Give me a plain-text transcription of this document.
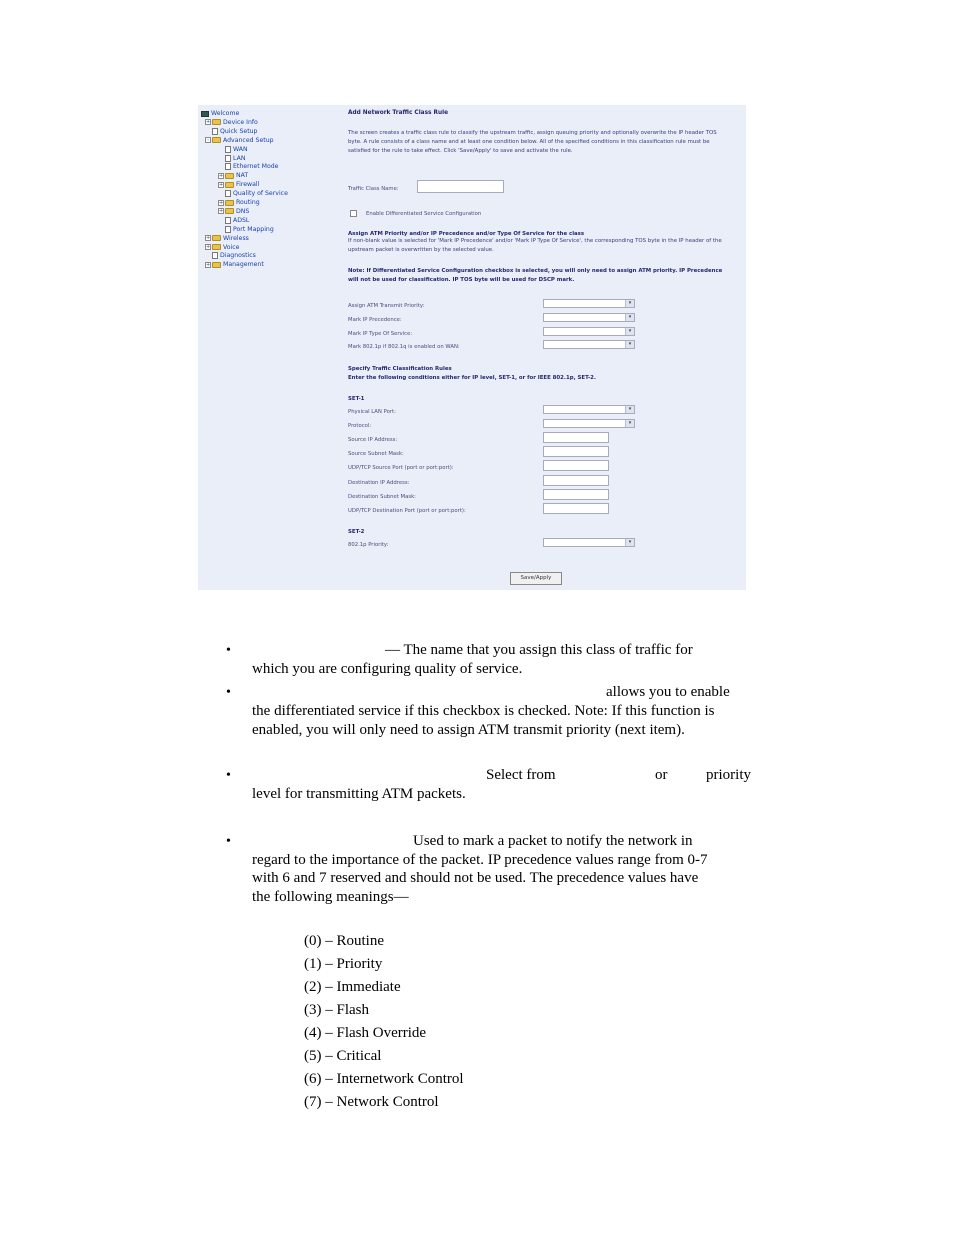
Welcome
+ Device Info
Quick Setup
-	Advanced Setup
WAN
LAN
Ethernet Mode
+ NAT
+ Firewall
Quality of Service
+ Routing
+ DNS
ADSL
Port Mapping
+ Wireless
+ Voice
Diagnostics
+ Management
Add Network Traffic Class Rule
The screen creates a traffic class rule to classify the upstream traffic, assign queuing priority and optionally overwrite the IP header TOS byte. A rule consists of a class name and at least one condition below. All of the specified conditions in this classification rule must be satisfied for the rule to take effect. Click 'Save/Apply' to save and activate the rule.
Traffic Class Name:
Enable Differentiated Service Configuration
Assign ATM Priority and/or IP Precedence and/or Type Of Service for the class
If non-blank value is selected for 'Mark IP Precedence' and/or 'Mark IP Type Of Service', the corresponding TOS byte in the IP header of the upstream packet is overwritten by the selected value.
Note: If Differentiated Service Configuration checkbox is selected, you will only need to assign ATM priority. IP Precedence will not be used for classification. IP TOS byte will be used for DSCP mark.
Assign ATM Transmit Priority:	▾
Mark IP Precedence:	▾
Mark IP Type Of Service:	▾
Mark 802.1p if 802.1q is enabled on WAN:	▾
Specify Traffic Classification Rules
Enter the following conditions either for IP level, SET-1, or for IEEE 802.1p, SET-2.
SET-1
Physical LAN Port:	▾
Protocol:	▾
Source IP Address:
Source Subnet Mask:
UDP/TCP Source Port (port or port:port):
Destination IP Address:
Destination Subnet Mask:
UDP/TCP Destination Port (port or port:port):
SET-2
802.1p Priority:	▾
Save/Apply
•	— The name that you assign this class of traffic for
which you are configuring quality of service.
•	allows you to enable
the differentiated service if this checkbox is checked. Note: If this function is
enabled, you will only need to assign ATM transmit priority (next item).
•	Select from	or	priority
level for transmitting ATM packets.
•	Used to mark a packet to notify the network in
regard to the importance of the packet. IP precedence values range from 0-7
with 6 and 7 reserved and should not be used. The precedence values have
the following meanings—
(0) – Routine
(1) – Priority
(2) – Immediate
(3) – Flash
(4) – Flash Override
(5) – Critical
(6) – Internetwork Control
(7) – Network Control
